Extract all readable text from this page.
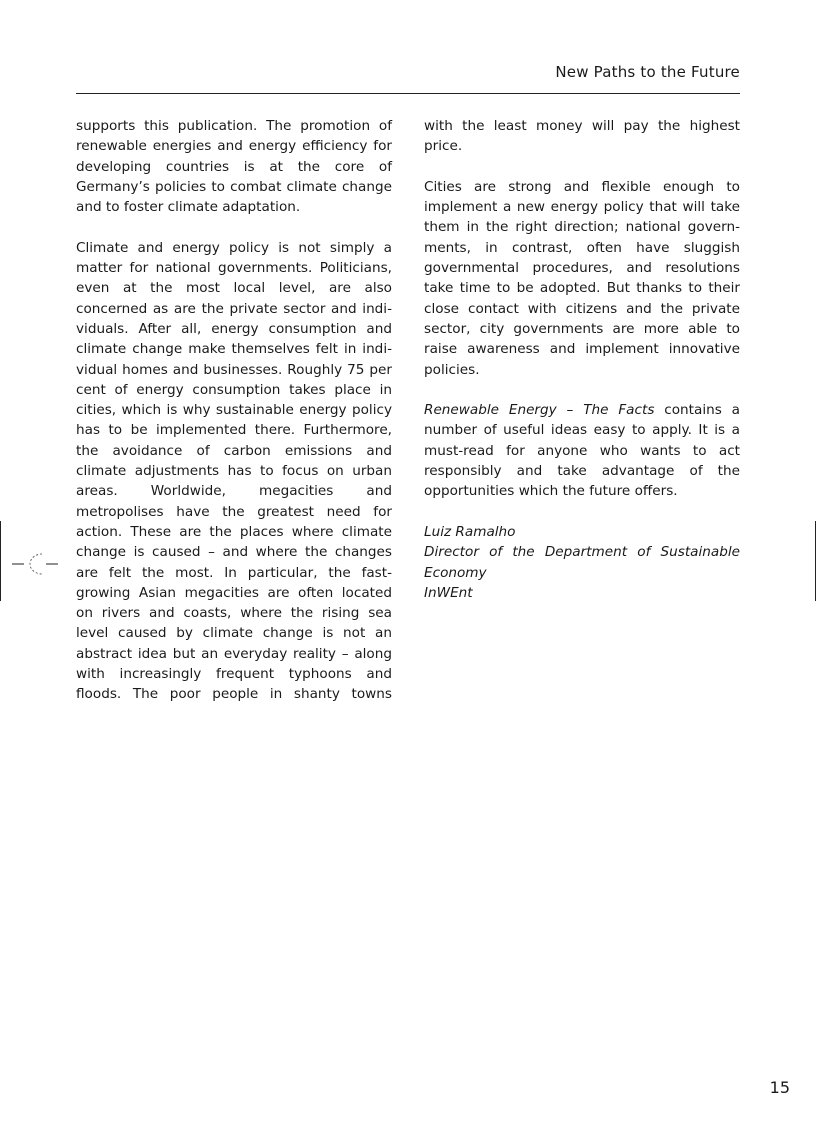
New Paths to the Future

supports this publication. The promotion of renewable energies and energy efficiency for developing countries is at the core of Germany’s policies to combat climate change and to foster climate adaptation.

Climate and energy policy is not simply a matter for national governments. Politicians, even at the most local level, are also concerned as are the private sector and individuals. After all, energy consumption and climate change make themselves felt in individual homes and businesses. Roughly 75 per cent of energy consumption takes place in cities, which is why sustainable energy policy has to be implemented there. Furthermore, the avoidance of carbon emissions and climate adjustments has to focus on urban areas. Worldwide, megacities and metropolises have the greatest need for action. These are the places where climate change is caused – and where the changes are felt the most. In particular, the fast-growing Asian megacities are often located on rivers and coasts, where the rising sea level caused by climate change is not an abstract idea but an everyday reality – along with increasingly frequent typhoons and floods. The poor people in shanty towns

with the least money will pay the highest price.

Cities are strong and flexible enough to implement a new energy policy that will take them in the right direction; national governments, in contrast, often have sluggish governmental procedures, and resolutions take time to be adopted. But thanks to their close contact with citizens and the private sector, city governments are more able to raise awareness and implement innovative policies.

Renewable Energy – The Facts contains a number of useful ideas easy to apply. It is a must-read for anyone who wants to act responsibly and take advantage of the opportunities which the future offers.

Luiz Ramalho

Director of the Department of Sustainable Economy

InWEnt

15
